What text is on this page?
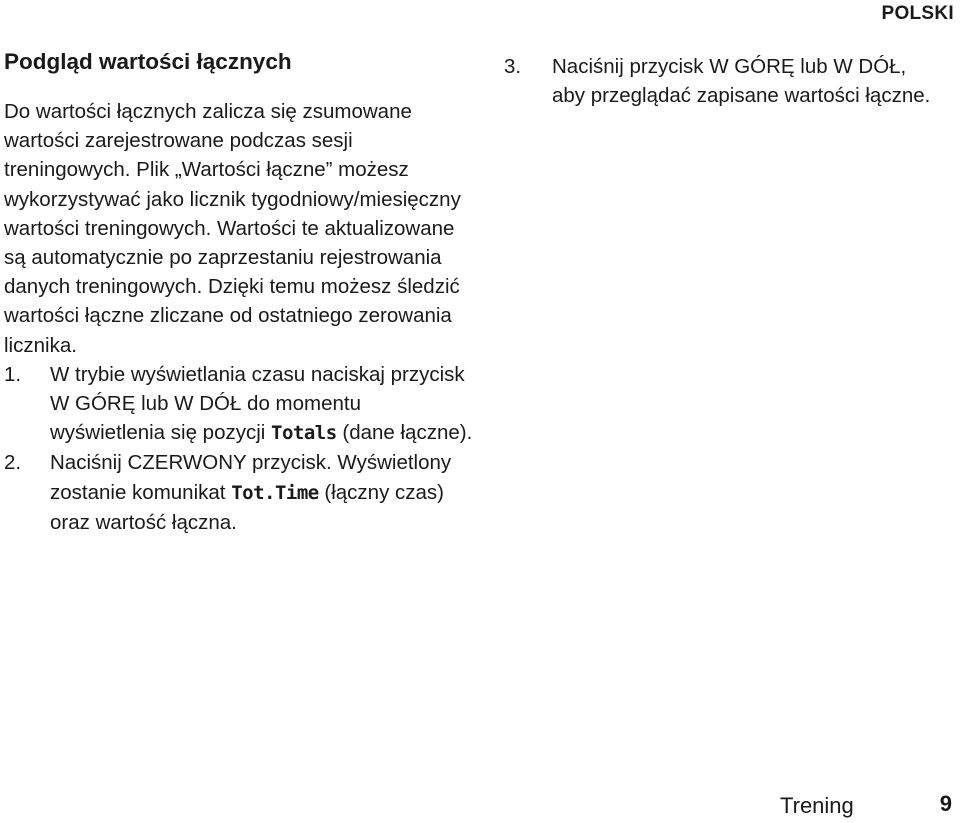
POLSKI
Podgląd wartości łącznych

Do wartości łącznych zalicza się zsumowane wartości zarejestrowane podczas sesji treningowych. Plik „Wartości łączne” możesz wykorzystywać jako licznik tygodniowy/miesięczny wartości treningowych. Wartości te aktualizowane są automatycznie po zaprzestaniu rejestrowania danych treningowych. Dzięki temu możesz śledzić wartości łączne zliczane od ostatniego zerowania licznika.

1. W trybie wyświetlania czasu naciskaj przycisk W GÓRĘ lub W DÓŁ do momentu wyświetlenia się pozycji Totals (dane łączne).
2. Naciśnij CZERWONY przycisk. Wyświetlony zostanie komunikat Tot.Time (łączny czas) oraz wartość łączna.
3. Naciśnij przycisk W GÓRĘ lub W DÓŁ, aby przeglądać zapisane wartości łączne.
Trening	9
